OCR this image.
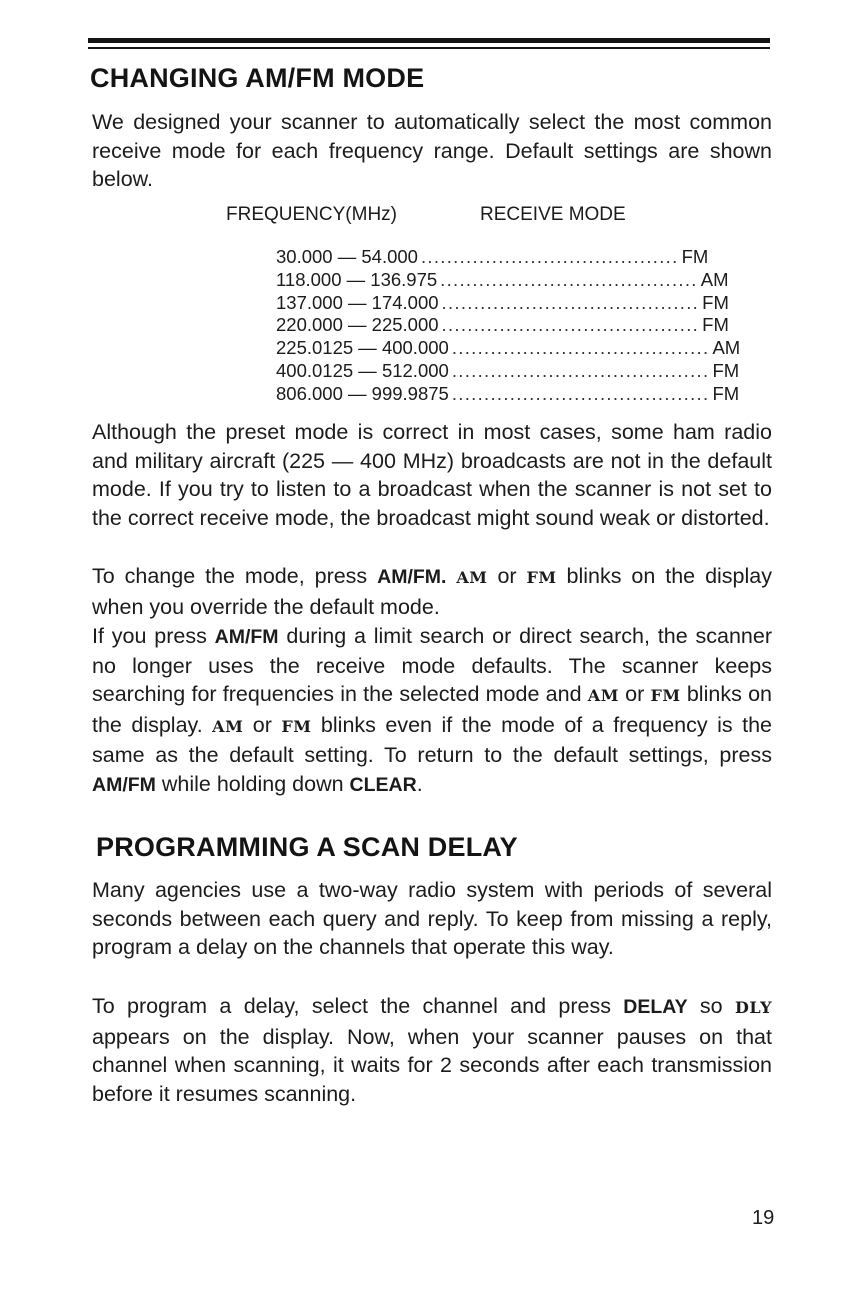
CHANGING AM/FM MODE

We designed your scanner to automatically select the most common receive mode for each frequency range. Default settings are shown below.

FREQUENCY(MHz)	RECEIVE MODE
30.000 — 54.000 ........................................ FM
118.000 — 136.975 ........................................ AM
137.000 — 174.000 ........................................ FM
220.000 — 225.000 ........................................ FM
225.0125 — 400.000 ........................................ AM
400.0125 — 512.000 ........................................ FM
806.000 — 999.9875 ........................................ FM

Although the preset mode is correct in most cases, some ham radio and military aircraft (225 — 400 MHz) broadcasts are not in the default mode. If you try to listen to a broadcast when the scanner is not set to the correct receive mode, the broadcast might sound weak or distorted.

To change the mode, press AM/FM. AM or FM blinks on the display when you override the default mode.

If you press AM/FM during a limit search or direct search, the scanner no longer uses the receive mode defaults. The scanner keeps searching for frequencies in the selected mode and AM or FM blinks on the display. AM or FM blinks even if the mode of a frequency is the same as the default setting. To return to the default settings, press AM/FM while holding down CLEAR.

PROGRAMMING A SCAN DELAY

Many agencies use a two-way radio system with periods of several seconds between each query and reply. To keep from missing a reply, program a delay on the channels that operate this way.

To program a delay, select the channel and press DELAY so DLY appears on the display. Now, when your scanner pauses on that channel when scanning, it waits for 2 seconds after each transmission before it resumes scanning.

19
